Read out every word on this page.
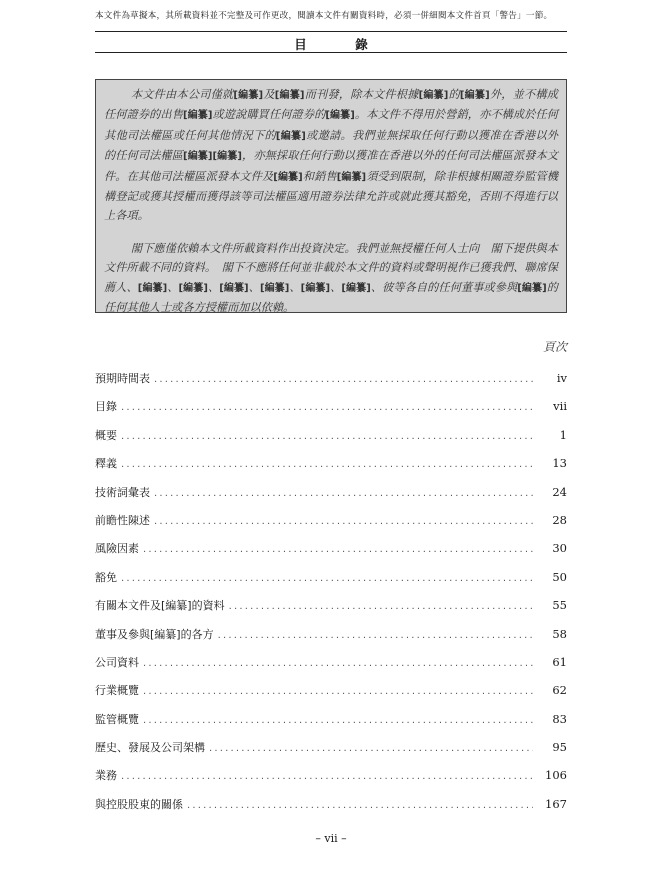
本文件為草擬本，其所載資料並不完整及可作更改，閱讀本文件有關資料時，必須一併細閱本文件首頁「警告」一節。
目　錄

本文件由本公司僅就[編纂]及[編纂]而刊發，除本文件根據[編纂]的[編纂]外，並不構成任何證券的出售[編纂]或遊說購買任何證券的[編纂]。本文件不得用於營銷，亦不構成於任何其他司法權區或任何其他情況下的[編纂]或邀請。我們並無採取任何行動以獲准在香港以外的任何司法權區[編纂][編纂]，亦無採取任何行動以獲准在香港以外的任何司法權區派發本文件。在其他司法權區派發本文件及[編纂]和銷售[編纂]須受到限制，除非根據相關證券監管機構登記或獲其授權而獲得該等司法權區適用證券法律允許或就此獲其豁免，否則不得進行以上各項。

閣下應僅依賴本文件所載資料作出投資決定。我們並無授權任何人士向　閣下提供與本文件所載不同的資料。　閣下不應將任何並非載於本文件的資料或聲明視作已獲我們、聯席保薦人、[編纂]、[編纂]、[編纂]、[編纂]、[編纂]、[編纂]、彼等各自的任何董事或參與[編纂]的任何其他人士或各方授權而加以依賴。

頁次
預期時間表 .....	iv
目錄 .....	vii
概要 .....	1
釋義 .....	13
技術詞彙表 .....	24
前瞻性陳述 .....	28
風險因素 .....	30
豁免 .....	50
有關本文件及[編纂]的資料 .....	55
董事及參與[編纂]的各方 .....	58
公司資料 .....	61
行業概覽 .....	62
監管概覽 .....	83
歷史、發展及公司架構 .....	95
業務 .....	106
與控股股東的關係 .....	167
– vii –
